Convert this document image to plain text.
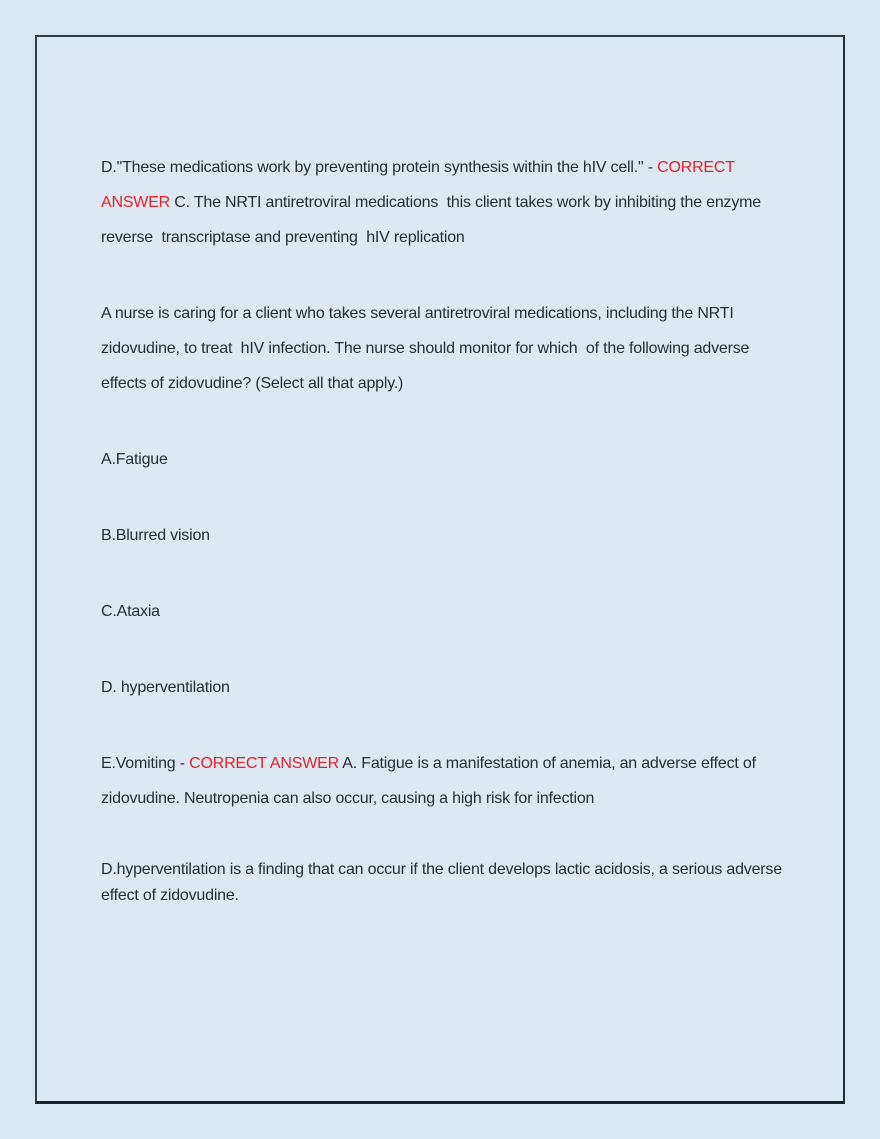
D."These medications work by preventing protein synthesis within the hIV cell." - CORRECT ANSWER C. The NRTI antiretroviral medications  this client takes work by inhibiting the enzyme reverse  transcriptase and preventing  hIV replication

A nurse is caring for a client who takes several antiretroviral medications, including the NRTI  zidovudine, to treat  hIV infection. The nurse should monitor for which  of the following adverse effects of zidovudine? (Select all that apply.)

A.Fatigue

B.Blurred vision

C.Ataxia

D. hyperventilation

E.Vomiting - CORRECT ANSWER A. Fatigue is a manifestation of anemia, an adverse effect of  zidovudine. Neutropenia can also occur, causing a high risk for infection

D.hyperventilation is a finding that can occur if the client develops lactic acidosis, a serious adverse effect of zidovudine.
